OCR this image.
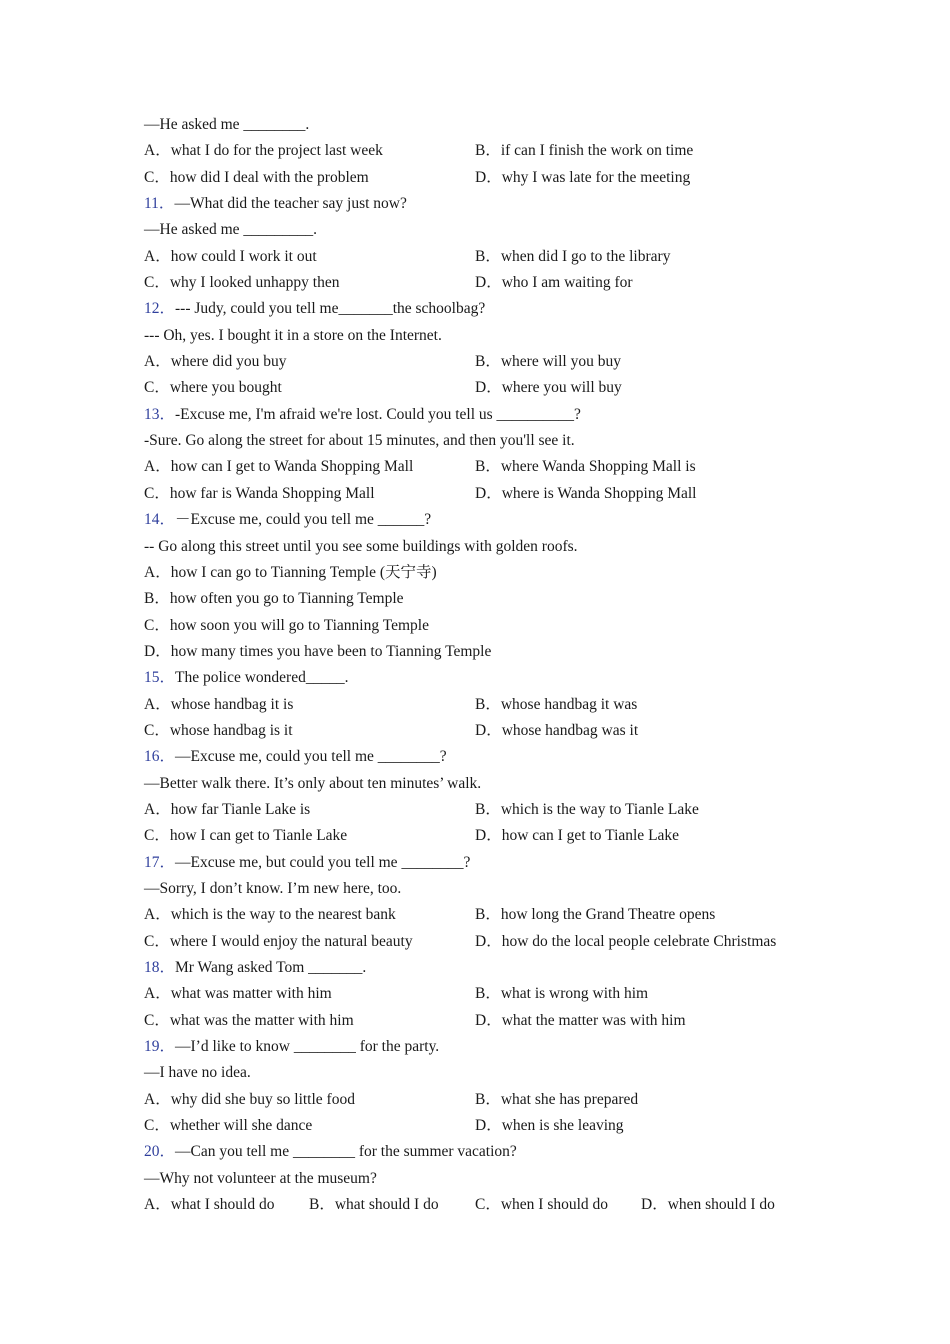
—He asked me ________.
A．what I do for the project last week	B．if can I finish the work on time
C．how did I deal with the problem	D．why I was late for the meeting
11．—What did the teacher say just now?
—He asked me _________.
A．how could I work it out	B．when did I go to the library
C．why I looked unhappy then	D．who I am waiting for
12．--- Judy, could you tell me_______the schoolbag?
--- Oh, yes. I bought it in a store on the Internet.
A．where did you buy	B．where will you buy
C．where you bought	D．where you will buy
13．-Excuse me, I'm afraid we're lost. Could you tell us __________?
-Sure. Go along the street for about 15 minutes, and then you'll see it.
A．how can I get to Wanda Shopping Mall	B．where Wanda Shopping Mall is
C．how far is Wanda Shopping Mall	D．where is Wanda Shopping Mall
14．－Excuse me, could you tell me ______?
-- Go along this street until you see some buildings with golden roofs.
A．how I can go to Tianning Temple (天宁寺)
B．how often you go to Tianning Temple
C．how soon you will go to Tianning Temple
D．how many times you have been to Tianning Temple
15．The police wondered_____.
A．whose handbag it is	B．whose handbag it was
C．whose handbag is it	D．whose handbag was it
16．—Excuse me, could you tell me ________?
—Better walk there. It’s only about ten minutes’ walk.
A．how far Tianle Lake is	B．which is the way to Tianle Lake
C．how I can get to Tianle Lake	D．how can I get to Tianle Lake
17．—Excuse me, but could you tell me ________?
—Sorry, I don’t know. I’m new here, too.
A．which is the way to the nearest bank	B．how long the Grand Theatre opens
C．where I would enjoy the natural beauty	D．how do the local people celebrate Christmas
18．Mr Wang asked Tom _______.
A．what was matter with him	B．what is wrong with him
C．what was the matter with him	D．what the matter was with him
19．—I’d like to know ________ for the party.
—I have no idea.
A．why did she buy so little food	B．what she has prepared
C．whether will she dance	D．when is she leaving
20．—Can you tell me ________ for the summer vacation?
—Why not volunteer at the museum?
A．what I should do B．what should I do C．when I should do D．when should I do
